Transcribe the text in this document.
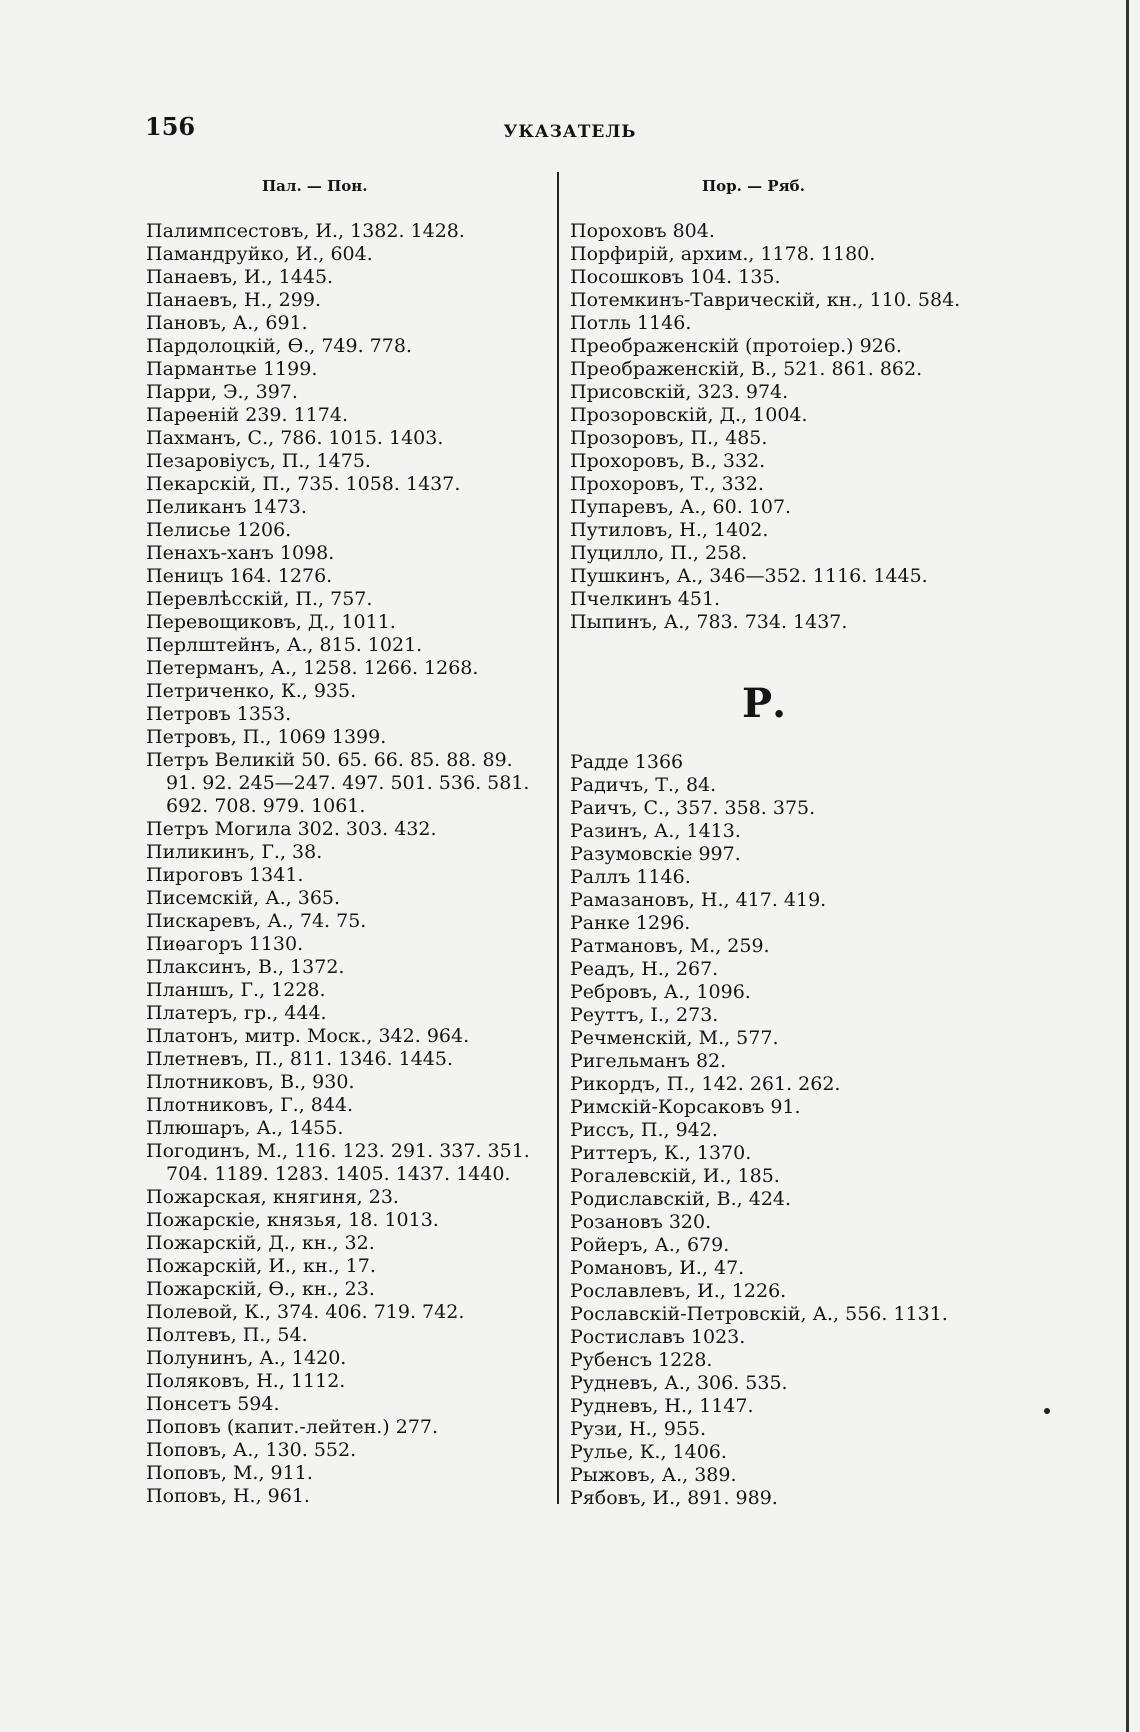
156	УКАЗАТЕЛЬ
Пал. — Пон.	Пор. — Ряб.
Палимпсестовъ, И., 1382. 1428.
Памандруйко, И., 604.
Панаевъ, И., 1445.
Панаевъ, Н., 299.
Пановъ, А., 691.
Пардолоцкій, Ѳ., 749. 778.
Пармантье 1199.
Парри, Э., 397.
Парѳеній 239. 1174.
Пахманъ, С., 786. 1015. 1403.
Пезаровіусъ, П., 1475.
Пекарскій, П., 735. 1058. 1437.
Пеликанъ 1473.
Пелисье 1206.
Пенахъ-ханъ 1098.
Пеницъ 164. 1276.
Перевлѣсскій, П., 757.
Перевощиковъ, Д., 1011.
Перлштейнъ, А., 815. 1021.
Петерманъ, А., 1258. 1266. 1268.
Петриченко, К., 935.
Петровъ 1353.
Петровъ, П., 1069 1399.
Петръ Великій 50. 65. 66. 85. 88. 89.
91. 92. 245—247. 497. 501. 536. 581.
692. 708. 979. 1061.
Петръ Могила 302. 303. 432.
Пиликинъ, Г., 38.
Пироговъ 1341.
Писемскій, А., 365.
Пискаревъ, А., 74. 75.
Пиѳагоръ 1130.
Плаксинъ, В., 1372.
Планшъ, Г., 1228.
Платеръ, гр., 444.
Платонъ, митр. Моск., 342. 964.
Плетневъ, П., 811. 1346. 1445.
Плотниковъ, В., 930.
Плотниковъ, Г., 844.
Плюшаръ, А., 1455.
Погодинъ, М., 116. 123. 291. 337. 351.
704. 1189. 1283. 1405. 1437. 1440.
Пожарская, княгиня, 23.
Пожарскіе, князья, 18. 1013.
Пожарскій, Д., кн., 32.
Пожарскій, И., кн., 17.
Пожарскій, Ѳ., кн., 23.
Полевой, К., 374. 406. 719. 742.
Полтевъ, П., 54.
Полунинъ, А., 1420.
Поляковъ, Н., 1112.
Понсетъ 594.
Поповъ (капит.-лейтен.) 277.
Поповъ, А., 130. 552.
Поповъ, М., 911.
Поповъ, Н., 961.
Пороховъ 804.
Порфирій, архим., 1178. 1180.
Посошковъ 104. 135.
Потемкинъ-Таврическій, кн., 110. 584.
Потль 1146.
Преображенскій (протоіер.) 926.
Преображенскій, В., 521. 861. 862.
Присовскій, 323. 974.
Прозоровскій, Д., 1004.
Прозоровъ, П., 485.
Прохоровъ, В., 332.
Прохоровъ, Т., 332.
Пупаревъ, А., 60. 107.
Путиловъ, Н., 1402.
Пуцилло, П., 258.
Пушкинъ, А., 346—352. 1116. 1445.
Пчелкинъ 451.
Пыпинъ, А., 783. 734. 1437.
Р.
Радде 1366
Радичъ, Т., 84.
Раичъ, С., 357. 358. 375.
Разинъ, А., 1413.
Разумовскіе 997.
Раллъ 1146.
Рамазановъ, Н., 417. 419.
Ранке 1296.
Ратмановъ, М., 259.
Реадъ, Н., 267.
Ребровъ, А., 1096.
Реуттъ, І., 273.
Речменскій, М., 577.
Ригельманъ 82.
Рикордъ, П., 142. 261. 262.
Римскій-Корсаковъ 91.
Риссъ, П., 942.
Риттеръ, К., 1370.
Рогалевскій, И., 185.
Родиславскій, В., 424.
Розановъ 320.
Ройеръ, А., 679.
Романовъ, И., 47.
Рославлевъ, И., 1226.
Рославскій-Петровскій, А., 556. 1131.
Ростиславъ 1023.
Рубенсъ 1228.
Рудневъ, А., 306. 535.
Рудневъ, Н., 1147.
Рузи, Н., 955.
Рулье, К., 1406.
Рыжовъ, А., 389.
Рябовъ, И., 891. 989.
